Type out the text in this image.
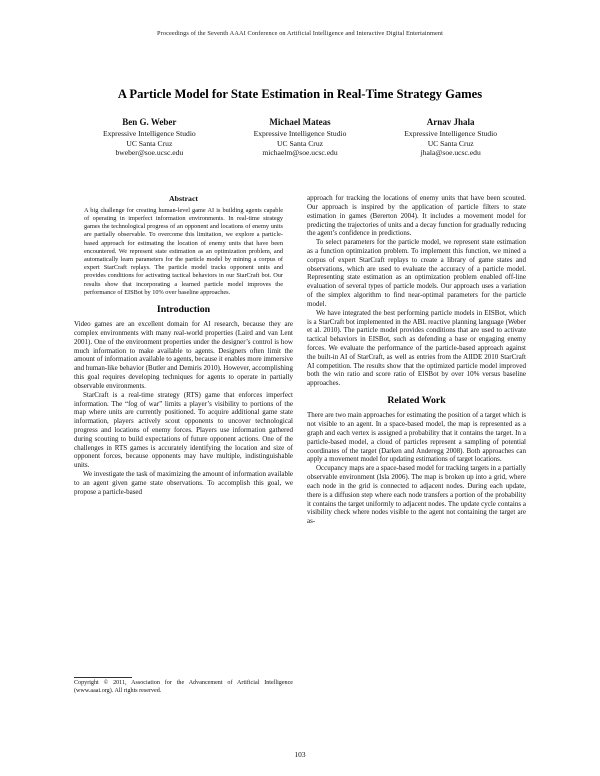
Proceedings of the Seventh AAAI Conference on Artificial Intelligence and Interactive Digital Entertainment
A Particle Model for State Estimation in Real-Time Strategy Games
Ben G. Weber
Expressive Intelligence Studio
UC Santa Cruz
bweber@soe.ucsc.edu
Michael Mateas
Expressive Intelligence Studio
UC Santa Cruz
michaelm@soe.ucsc.edu
Arnav Jhala
Expressive Intelligence Studio
UC Santa Cruz
jhala@soe.ucsc.edu
Abstract

A big challenge for creating human-level game AI is building agents capable of operating in imperfect information environments. In real-time strategy games the technological progress of an opponent and locations of enemy units are partially observable. To overcome this limitation, we explore a particle-based approach for estimating the location of enemy units that have been encountered. We represent state estimation as an optimization problem, and automatically learn parameters for the particle model by mining a corpus of expert StarCraft replays. The particle model tracks opponent units and provides conditions for activating tactical behaviors in our StarCraft bot. Our results show that incorporating a learned particle model improves the performance of EISBot by 10% over baseline approaches.

Introduction

Video games are an excellent domain for AI research, because they are complex environments with many real-world properties (Laird and van Lent 2001). One of the environment properties under the designer’s control is how much information to make available to agents. Designers often limit the amount of information available to agents, because it enables more immersive and human-like behavior (Butler and Demiris 2010). However, accomplishing this goal requires developing techniques for agents to operate in partially observable environments.

StarCraft is a real-time strategy (RTS) game that enforces imperfect information. The “fog of war” limits a player’s visibility to portions of the map where units are currently positioned. To acquire additional game state information, players actively scout opponents to uncover technological progress and locations of enemy forces. Players use information gathered during scouting to build expectations of future opponent actions. One of the challenges in RTS games is accurately identifying the location and size of opponent forces, because opponents may have multiple, indistinguishable units.

We investigate the task of maximizing the amount of information available to an agent given game state observations. To accomplish this goal, we propose a particle-based

Copyright © 2011, Association for the Advancement of Artificial Intelligence (www.aaai.org). All rights reserved.

approach for tracking the locations of enemy units that have been scouted. Our approach is inspired by the application of particle filters to state estimation in games (Bererton 2004). It includes a movement model for predicting the trajectories of units and a decay function for gradually reducing the agent’s confidence in predictions.

To select parameters for the particle model, we represent state estimation as a function optimization problem. To implement this function, we mined a corpus of expert StarCraft replays to create a library of game states and observations, which are used to evaluate the accuracy of a particle model. Representing state estimation as an optimization problem enabled off-line evaluation of several types of particle models. Our approach uses a variation of the simplex algorithm to find near-optimal parameters for the particle model.

We have integrated the best performing particle models in EISBot, which is a StarCraft bot implemented in the ABL reactive planning language (Weber et al. 2010). The particle model provides conditions that are used to activate tactical behaviors in EISBot, such as defending a base or engaging enemy forces. We evaluate the performance of the particle-based approach against the built-in AI of StarCraft, as well as entries from the AIIDE 2010 StarCraft AI competition. The results show that the optimized particle model improved both the win ratio and score ratio of EISBot by over 10% versus baseline approaches.

Related Work

There are two main approaches for estimating the position of a target which is not visible to an agent. In a space-based model, the map is represented as a graph and each vertex is assigned a probability that it contains the target. In a particle-based model, a cloud of particles represent a sampling of potential coordinates of the target (Darken and Anderegg 2008). Both approaches can apply a movement model for updating estimations of target locations.

Occupancy maps are a space-based model for tracking targets in a partially observable environment (Isla 2006). The map is broken up into a grid, where each node in the grid is connected to adjacent nodes. During each update, there is a diffusion step where each node transfers a portion of the probability it contains the target uniformly to adjacent nodes. The update cycle contains a visibility check where nodes visible to the agent not containing the target are as-

103
